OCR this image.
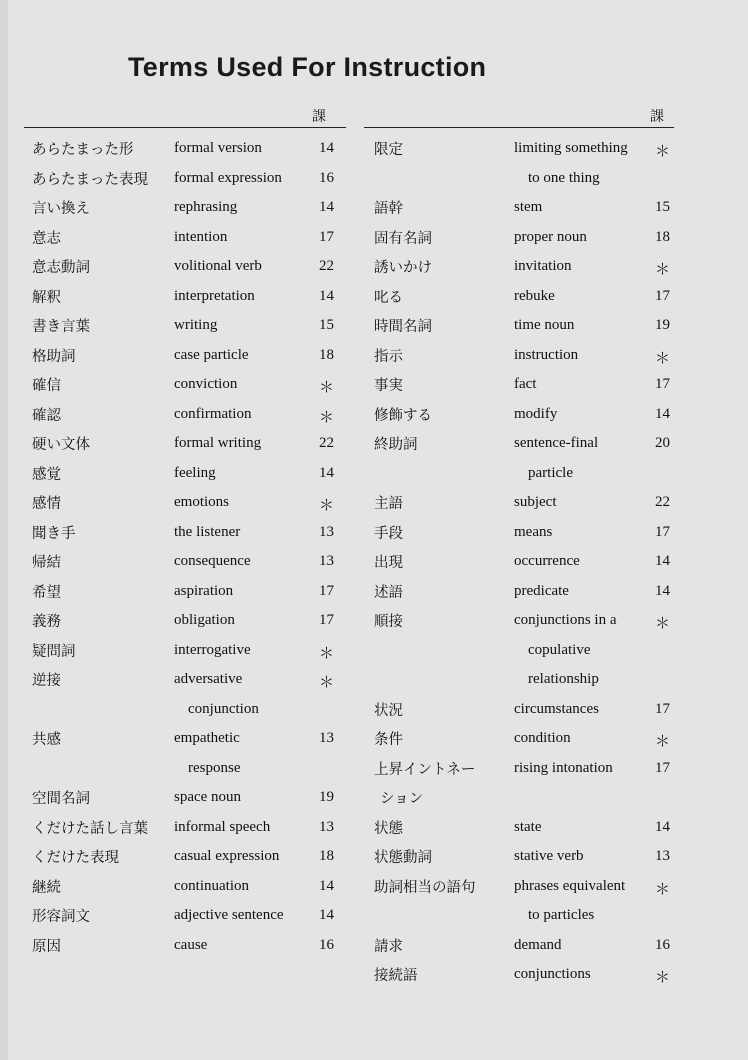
Terms Used For Instruction
課	課
あらたまった形	formal version	14
あらたまった表現 formal expression	16
言い換え	rephrasing	14
意志	intention	17
意志動詞	volitional verb	22
解釈	interpretation	14
書き言葉	writing	15
格助詞	case particle	18
確信	conviction	＊
確認	confirmation	＊
硬い文体	formal writing	22
感覚	feeling	14
感情	emotions	＊
聞き手	the listener	13
帰結	consequence	13
希望	aspiration	17
義務	obligation	17
疑問詞	interrogative	＊
逆接	adversative	＊
conjunction
共感	empathetic	13
response
空間名詞	space noun	19
くだけた話し言葉 informal speech	13
くだけた表現	casual expression	18
継続	continuation	14
形容詞文	adjective sentence	14
原因	cause	16
限定	limiting something	＊
to one thing
語幹	stem	15
固有名詞	proper noun	18
誘いかけ	invitation	＊
叱る	rebuke	17
時間名詞	time noun	19
指示	instruction	＊
事実	fact	17
修飾する	modify	14
終助詞	sentence-final	20
particle
主語	subject	22
手段	means	17
出現	occurrence	14
述語	predicate	14
順接	conjunctions in a	＊
copulative
relationship
状況	circumstances	17
条件	condition	＊
上昇イントネー	rising intonation	17
ション
状態	state	14
状態動詞	stative verb	13
助詞相当の語句	phrases equivalent	＊
to particles
請求	demand	16
接続語	conjunctions	＊
